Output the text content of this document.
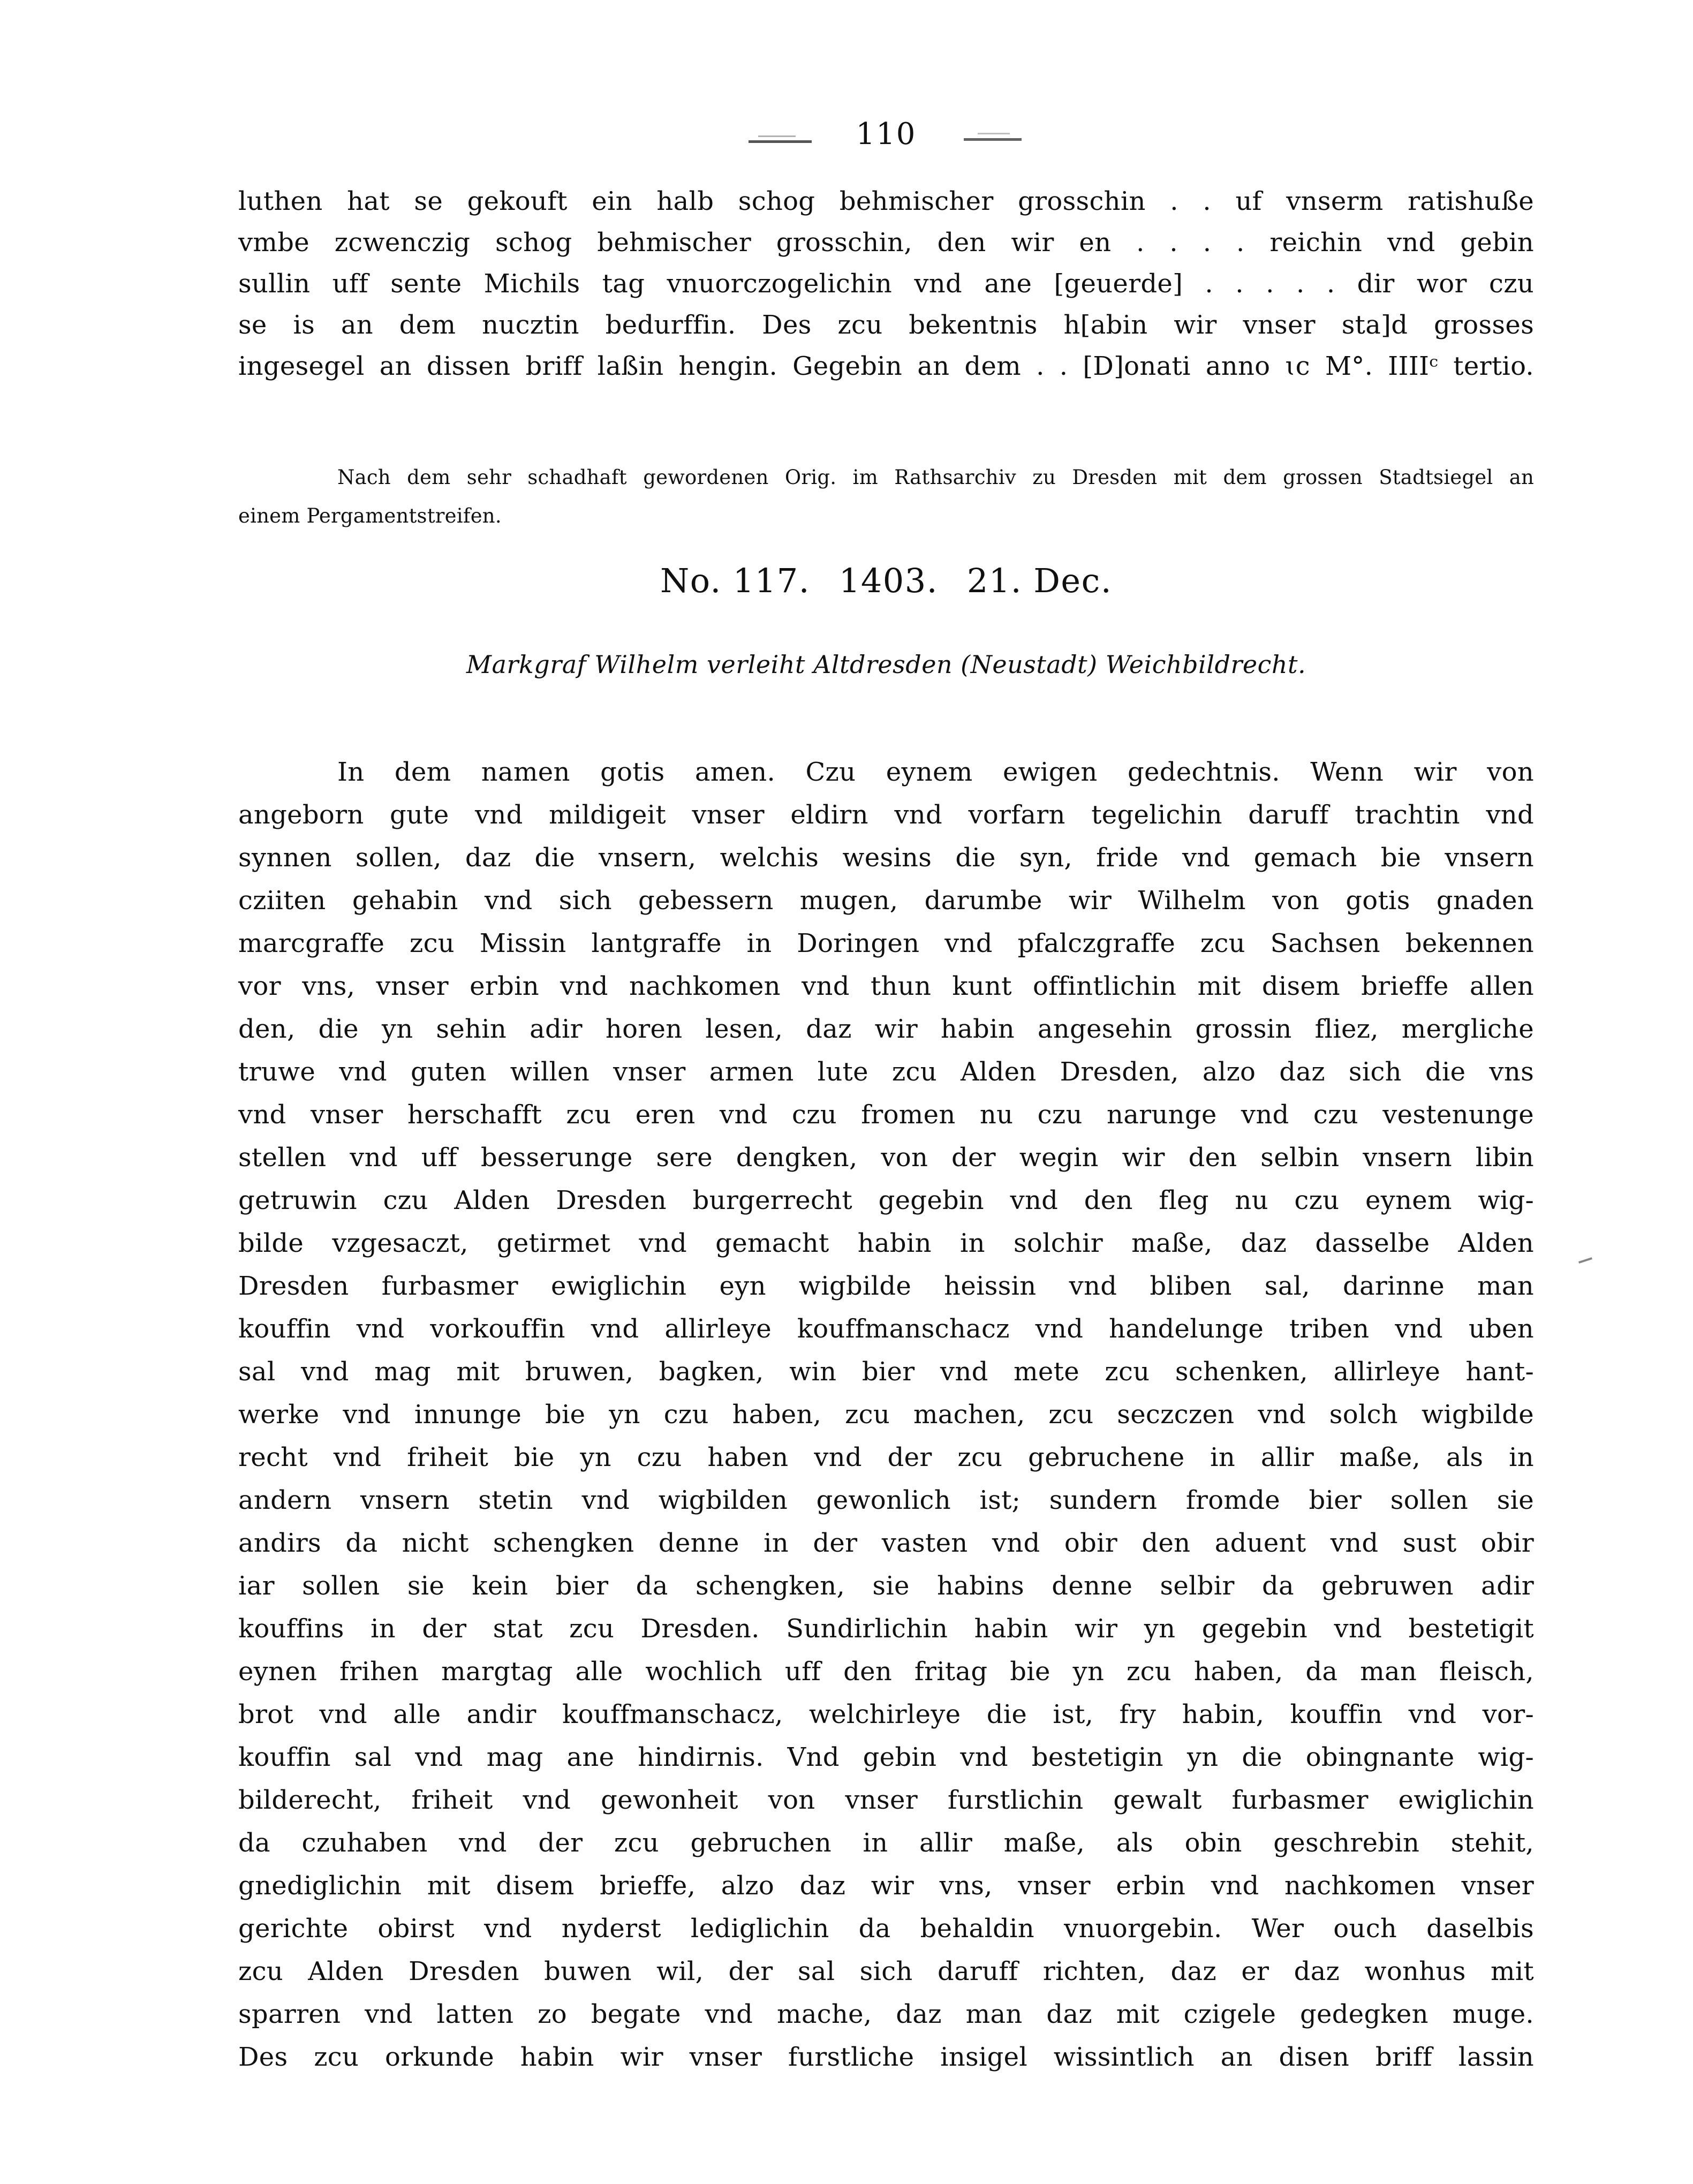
110
luthen hat se gekouft ein halb schog behmischer grosschin . . uf vnserm ratishuße
vmbe zcwenczig schog behmischer grosschin, den wir en . . . . reichin vnd gebin
sullin uff sente Michils tag vnuorczogelichin vnd ane [geuerde] . . . . . dir wor czu
se is an dem nucztin bedurffin. Des zcu bekentnis h[abin wir vnser sta]d grosses
ingesegel an dissen briff laßin hengin. Gegebin an dem . . [D]onati anno ɩc M°. IIIIᶜ tertio.
Nach dem sehr schadhaft gewordenen Orig. im Rathsarchiv zu Dresden mit dem grossen Stadtsiegel an
einem Pergamentstreifen.
No. 117. 1403. 21. Dec.
Markgraf Wilhelm verleiht Altdresden (Neustadt) Weichbildrecht.
In dem namen gotis amen. Czu eynem ewigen gedechtnis. Wenn wir von
angeborn gute vnd mildigeit vnser eldirn vnd vorfarn tegelichin daruff trachtin vnd
synnen sollen, daz die vnsern, welchis wesins die syn, fride vnd gemach bie vnsern
cziiten gehabin vnd sich gebessern mugen, darumbe wir Wilhelm von gotis gnaden
marcgraffe zcu Missin lantgraffe in Doringen vnd pfalczgraffe zcu Sachsen bekennen
vor vns, vnser erbin vnd nachkomen vnd thun kunt offintlichin mit disem brieffe allen
den, die yn sehin adir horen lesen, daz wir habin angesehin grossin fliez, mergliche
truwe vnd guten willen vnser armen lute zcu Alden Dresden, alzo daz sich die vns
vnd vnser herschafft zcu eren vnd czu fromen nu czu narunge vnd czu vestenunge
stellen vnd uff besserunge sere dengken, von der wegin wir den selbin vnsern libin
getruwin czu Alden Dresden burgerrecht gegebin vnd den fleg nu czu eynem wig-
bilde vzgesaczt, getirmet vnd gemacht habin in solchir maße, daz dasselbe Alden
Dresden furbasmer ewiglichin eyn wigbilde heissin vnd bliben sal, darinne man
kouffin vnd vorkouffin vnd allirleye kouffmanschacz vnd handelunge triben vnd uben
sal vnd mag mit bruwen, bagken, win bier vnd mete zcu schenken, allirleye hant-
werke vnd innunge bie yn czu haben, zcu machen, zcu seczczen vnd solch wigbilde
recht vnd friheit bie yn czu haben vnd der zcu gebruchene in allir maße, als in
andern vnsern stetin vnd wigbilden gewonlich ist; sundern fromde bier sollen sie
andirs da nicht schengken denne in der vasten vnd obir den aduent vnd sust obir
iar sollen sie kein bier da schengken, sie habins denne selbir da gebruwen adir
kouffins in der stat zcu Dresden. Sundirlichin habin wir yn gegebin vnd bestetigit
eynen frihen margtag alle wochlich uff den fritag bie yn zcu haben, da man fleisch,
brot vnd alle andir kouffmanschacz, welchirleye die ist, fry habin, kouffin vnd vor-
kouffin sal vnd mag ane hindirnis. Vnd gebin vnd bestetigin yn die obingnante wig-
bilderecht, friheit vnd gewonheit von vnser furstlichin gewalt furbasmer ewiglichin
da czuhaben vnd der zcu gebruchen in allir maße, als obin geschrebin stehit,
gnediglichin mit disem brieffe, alzo daz wir vns, vnser erbin vnd nachkomen vnser
gerichte obirst vnd nyderst lediglichin da behaldin vnuorgebin. Wer ouch daselbis
zcu Alden Dresden buwen wil, der sal sich daruff richten, daz er daz wonhus mit
sparren vnd latten zo begate vnd mache, daz man daz mit czigele gedegken muge.
Des zcu orkunde habin wir vnser furstliche insigel wissintlich an disen briff lassin
